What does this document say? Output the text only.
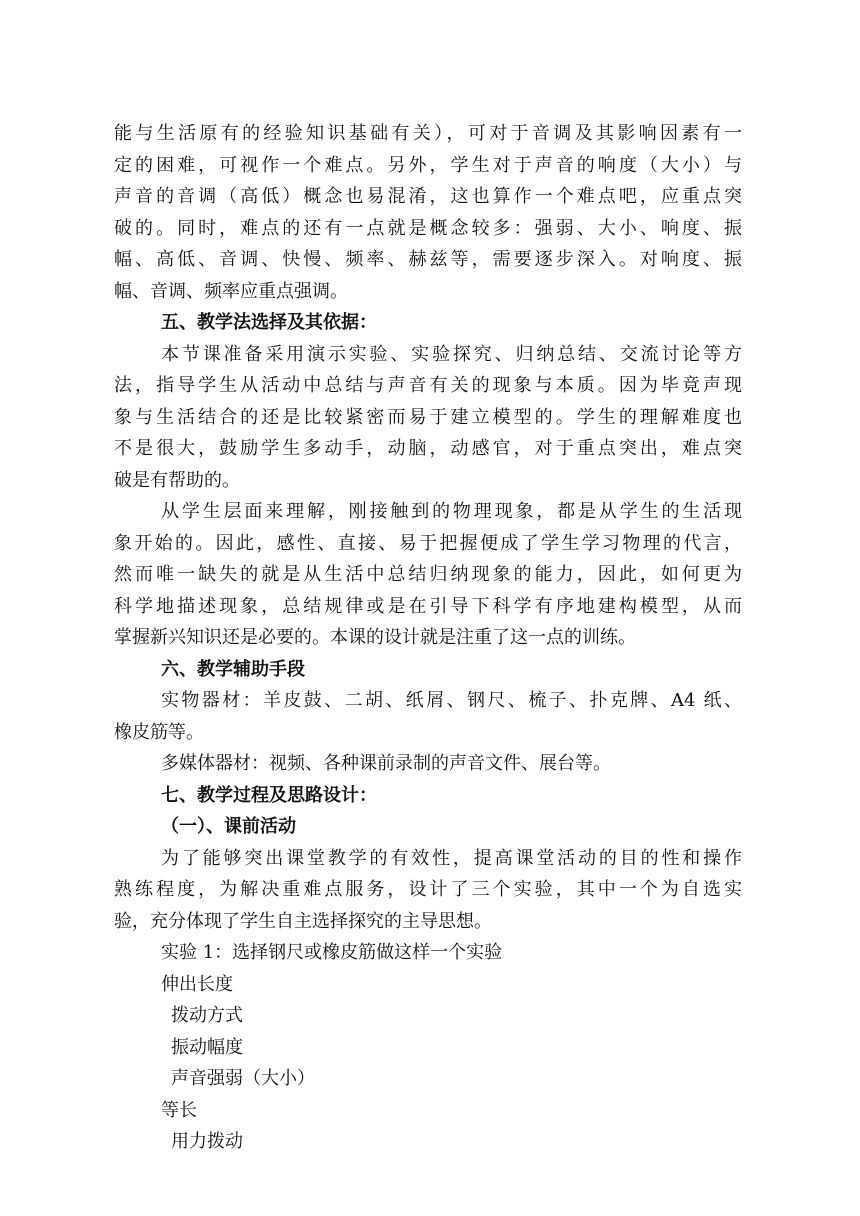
能与生活原有的经验知识基础有关），可对于音调及其影响因素有一
定的困难，可视作一个难点。另外，学生对于声音的响度（大小）与
声音的音调（高低）概念也易混淆，这也算作一个难点吧，应重点突
破的。同时，难点的还有一点就是概念较多：强弱、大小、响度、振
幅、高低、音调、快慢、频率、赫兹等，需要逐步深入。对响度、振
幅、音调、频率应重点强调。
五、教学法选择及其依据：
本节课准备采用演示实验、实验探究、归纳总结、交流讨论等方
法，指导学生从活动中总结与声音有关的现象与本质。因为毕竟声现
象与生活结合的还是比较紧密而易于建立模型的。学生的理解难度也
不是很大，鼓励学生多动手，动脑，动感官，对于重点突出，难点突
破是有帮助的。
从学生层面来理解，刚接触到的物理现象，都是从学生的生活现
象开始的。因此，感性、直接、易于把握便成了学生学习物理的代言，
然而唯一缺失的就是从生活中总结归纳现象的能力，因此，如何更为
科学地描述现象，总结规律或是在引导下科学有序地建构模型，从而
掌握新兴知识还是必要的。本课的设计就是注重了这一点的训练。
六、教学辅助手段
实物器材：羊皮鼓、二胡、纸屑、钢尺、梳子、扑克牌、A4 纸、
橡皮筋等。
多媒体器材：视频、各种课前录制的声音文件、展台等。
七、教学过程及思路设计：
（一）、课前活动
为了能够突出课堂教学的有效性，提高课堂活动的目的性和操作
熟练程度，为解决重难点服务，设计了三个实验，其中一个为自选实
验，充分体现了学生自主选择探究的主导思想。
实验 1：选择钢尺或橡皮筋做这样一个实验
伸出长度
拨动方式
振动幅度
声音强弱（大小）
等长
用力拨动
